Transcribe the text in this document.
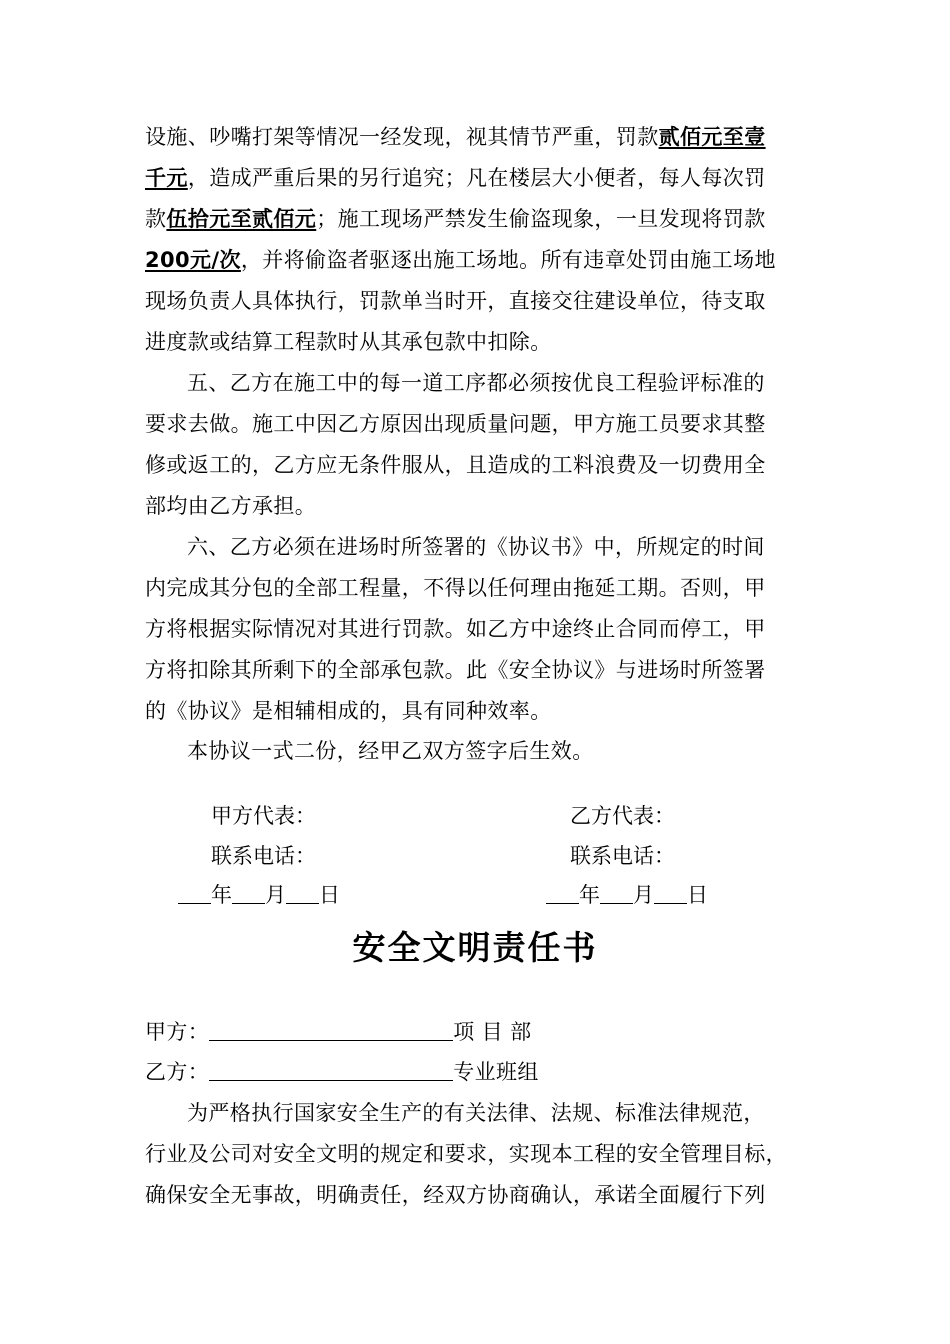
设施、吵嘴打架等情况一经发现，视其情节严重，罚款贰佰元至壹
千元，造成严重后果的另行追究；凡在楼层大小便者，每人每次罚
款伍拾元至贰佰元；施工现场严禁发生偷盗现象，一旦发现将罚款
200元/次，并将偷盗者驱逐出施工场地。所有违章处罚由施工场地
现场负责人具体执行，罚款单当时开，直接交往建设单位，待支取
进度款或结算工程款时从其承包款中扣除。
五、乙方在施工中的每一道工序都必须按优良工程验评标准的
要求去做。施工中因乙方原因出现质量问题，甲方施工员要求其整
修或返工的，乙方应无条件服从，且造成的工料浪费及一切费用全
部均由乙方承担。
六、乙方必须在进场时所签署的《协议书》中，所规定的时间
内完成其分包的全部工程量，不得以任何理由拖延工期。否则，甲
方将根据实际情况对其进行罚款。如乙方中途终止合同而停工，甲
方将扣除其所剩下的全部承包款。此《安全协议》与进场时所签署
的《协议》是相辅相成的，具有同种效率。
本协议一式二份，经甲乙双方签字后生效。
甲方代表：	乙方代表：
联系电话：	联系电话：
年 月 日	年 月 日
安全文明责任书
甲方：	项 目 部
乙方：	专业班组
为严格执行国家安全生产的有关法律、法规、标准法律规范，
行业及公司对安全文明的规定和要求，实现本工程的安全管理目标，
确保安全无事故，明确责任，经双方协商确认，承诺全面履行下列
